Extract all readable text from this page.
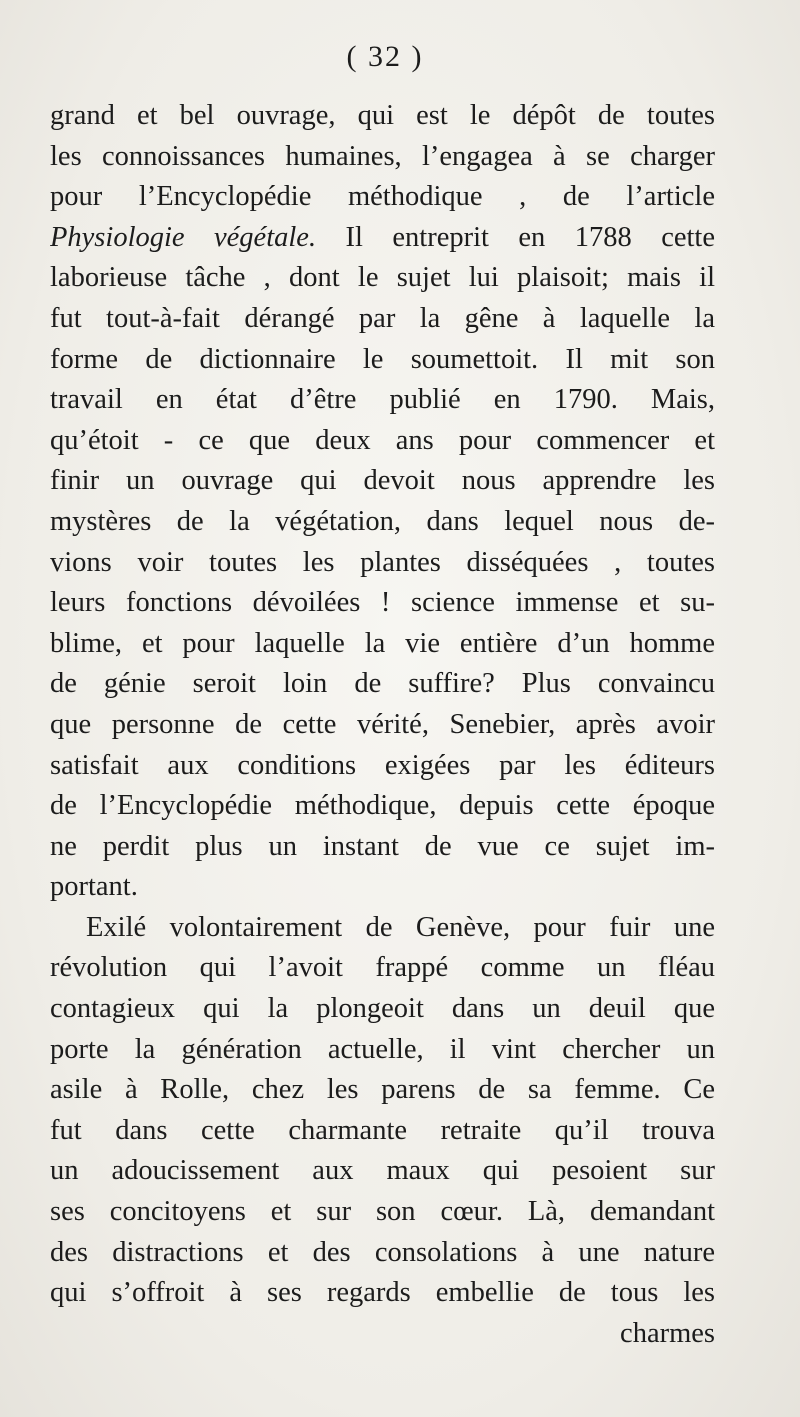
( 32 )
grand et bel ouvrage, qui est le dépôt de toutes
les connoissances humaines, l’engagea à se charger
pour l’Encyclopédie méthodique , de l’article
Physiologie végétale. Il entreprit en 1788 cette
laborieuse tâche , dont le sujet lui plaisoit; mais il
fut tout-à-fait dérangé par la gêne à laquelle la
forme de dictionnaire le soumettoit. Il mit son
travail en état d’être publié en 1790. Mais,
qu’étoit - ce que deux ans pour commencer et
finir un ouvrage qui devoit nous apprendre les
mystères de la végétation, dans lequel nous de-
vions voir toutes les plantes disséquées , toutes
leurs fonctions dévoilées ! science immense et su-
blime, et pour laquelle la vie entière d’un homme
de génie seroit loin de suffire? Plus convaincu
que personne de cette vérité, Senebier, après avoir
satisfait aux conditions exigées par les éditeurs
de l’Encyclopédie méthodique, depuis cette époque
ne perdit plus un instant de vue ce sujet im-
portant.
Exilé volontairement de Genève, pour fuir une
révolution qui l’avoit frappé comme un fléau
contagieux qui la plongeoit dans un deuil que
porte la génération actuelle, il vint chercher un
asile à Rolle, chez les parens de sa femme. Ce
fut dans cette charmante retraite qu’il trouva
un adoucissement aux maux qui pesoient sur
ses concitoyens et sur son cœur. Là, demandant
des distractions et des consolations à une nature
qui s’offroit à ses regards embellie de tous les
charmes
